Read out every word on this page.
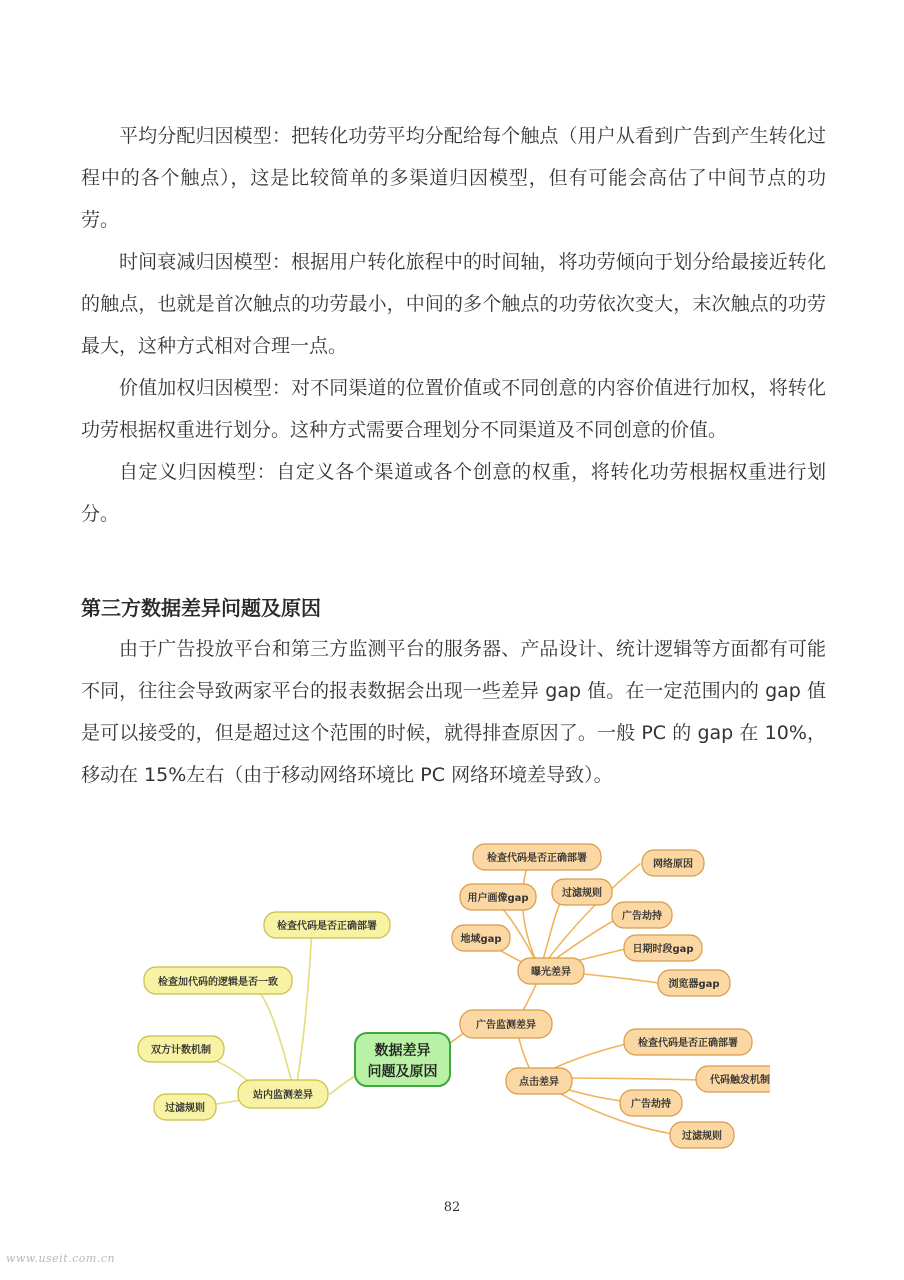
平均分配归因模型：把转化功劳平均分配给每个触点（用户从看到广告到产生转化过程中的各个触点），这是比较简单的多渠道归因模型，但有可能会高估了中间节点的功劳。

时间衰减归因模型：根据用户转化旅程中的时间轴，将功劳倾向于划分给最接近转化的触点，也就是首次触点的功劳最小，中间的多个触点的功劳依次变大，末次触点的功劳最大，这种方式相对合理一点。

价值加权归因模型：对不同渠道的位置价值或不同创意的内容价值进行加权，将转化功劳根据权重进行划分。这种方式需要合理划分不同渠道及不同创意的价值。

自定义归因模型：自定义各个渠道或各个创意的权重，将转化功劳根据权重进行划分。

第三方数据差异问题及原因

由于广告投放平台和第三方监测平台的服务器、产品设计、统计逻辑等方面都有可能不同，往往会导致两家平台的报表数据会出现一些差异 gap 值。在一定范围内的 gap 值是可以接受的，但是超过这个范围的时候，就得排查原因了。一般 PC 的 gap 在 10%，移动在 15%左右（由于移动网络环境比 PC 网络环境差导致）。

数据差异
问题及原因
站内监测差异
检查代码是否正确部署
检查加代码的逻辑是否一致
双方计数机制
过滤规则
广告监测差异
曝光差异
检查代码是否正确部署
网络原因
用户画像gap	过滤规则
广告劫持
地域gap
日期时段gap
浏览器gap
点击差异
检查代码是否正确部署
代码触发机制
广告劫持
过滤规则
82
www.useit.com.cn
